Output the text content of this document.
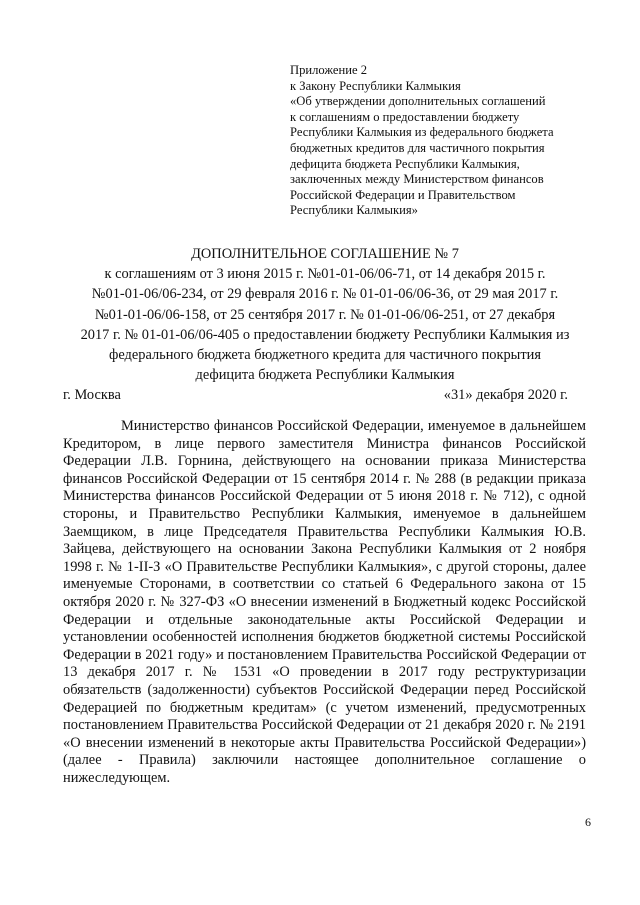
Приложение 2
к Закону Республики Калмыкия
«Об утверждении дополнительных соглашений
к соглашениям о предоставлении бюджету
Республики Калмыкия из федерального бюджета
бюджетных кредитов для частичного покрытия
дефицита бюджета Республики Калмыкия,
заключенных между Министерством финансов
Российской Федерации и Правительством
Республики Калмыкия»
ДОПОЛНИТЕЛЬНОЕ СОГЛАШЕНИЕ № 7
к соглашениям от 3 июня 2015 г. №01-01-06/06-71, от 14 декабря 2015 г.
№01-01-06/06-234, от 29 февраля 2016 г. № 01-01-06/06-36, от 29 мая 2017 г.
№01-01-06/06-158, от 25 сентября 2017 г. № 01-01-06/06-251, от 27 декабря
2017 г. № 01-01-06/06-405 о предоставлении бюджету Республики Калмыкия из
федерального бюджета бюджетного кредита для частичного покрытия
дефицита бюджета Республики Калмыкия
г. Москва	«31» декабря 2020 г.
Министерство финансов Российской Федерации, именуемое в дальнейшем Кредитором, в лице первого заместителя Министра финансов Российской Федерации Л.В. Горнина, действующего на основании приказа Министерства финансов Российской Федерации от 15 сентября 2014 г. № 288 (в редакции приказа Министерства финансов Российской Федерации от 5 июня 2018 г. № 712), с одной стороны, и Правительство Республики Калмыкия, именуемое в дальнейшем Заемщиком, в лице Председателя Правительства Республики Калмыкия Ю.В. Зайцева, действующего на основании Закона Республики Калмыкия от 2 ноября 1998 г. № 1-II-З «О Правительстве Республики Калмыкия», с другой стороны, далее именуемые Сторонами, в соответствии со статьей 6 Федерального закона от 15 октября 2020 г. № 327-ФЗ «О внесении изменений в Бюджетный кодекс Российской Федерации и отдельные законодательные акты Российской Федерации и установлении особенностей исполнения бюджетов бюджетной системы Российской Федерации в 2021 году» и постановлением Правительства Российской Федерации от 13 декабря 2017 г. № 1531 «О проведении в 2017 году реструктуризации обязательств (задолженности) субъектов Российской Федерации перед Российской Федерацией по бюджетным кредитам» (с учетом изменений, предусмотренных постановлением Правительства Российской Федерации от 21 декабря 2020 г. № 2191 «О внесении изменений в некоторые акты Правительства Российской Федерации») (далее - Правила) заключили настоящее дополнительное соглашение о нижеследующем.
6
